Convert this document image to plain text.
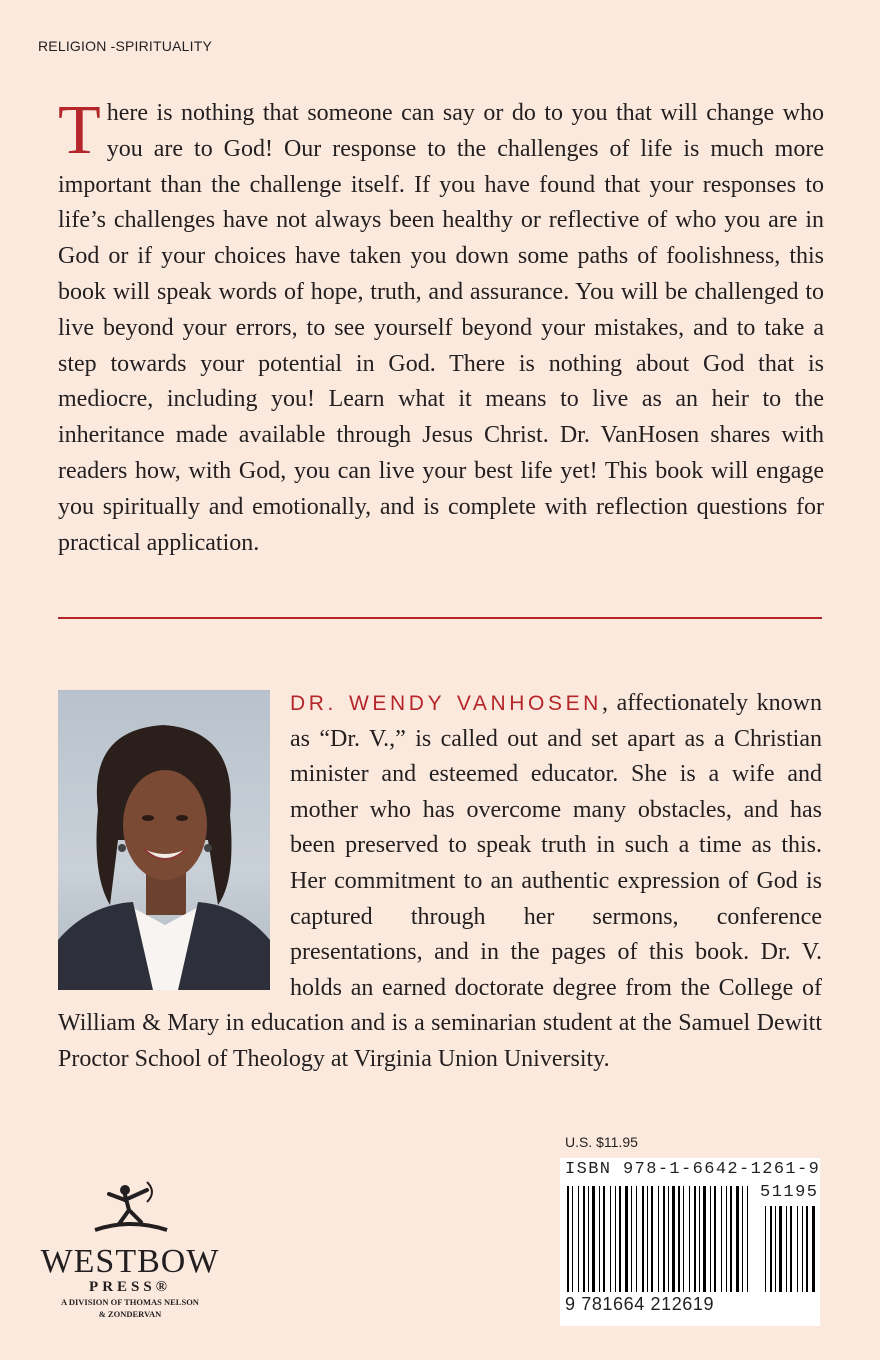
RELIGION -SPIRITUALITY

There is nothing that someone can say or do to you that will change who you are to God! Our response to the challenges of life is much more important than the challenge itself. If you have found that your responses to life’s challenges have not always been healthy or reflective of who you are in God or if your choices have taken you down some paths of foolishness, this book will speak words of hope, truth, and assurance. You will be challenged to live beyond your errors, to see yourself beyond your mistakes, and to take a step towards your potential in God. There is nothing about God that is mediocre, including you! Learn what it means to live as an heir to the inheritance made available through Jesus Christ. Dr. VanHosen shares with readers how, with God, you can live your best life yet! This book will engage you spiritually and emotionally, and is complete with reflection questions for practical application.

DR. WENDY VANHOSEN, affectionately known as “Dr. V.,” is called out and set apart as a Christian minister and esteemed educator. She is a wife and mother who has overcome many obstacles, and has been preserved to speak truth in such a time as this. Her commitment to an authentic expression of God is captured through her sermons, conference presentations, and in the pages of this book. Dr. V. holds an earned doctorate degree from the College of William & Mary in education and is a seminarian student at the Samuel Dewitt Proctor School of Theology at Virginia Union University.

WESTBOW
PRESS®
A DIVISION OF THOMAS NELSON
& ZONDERVAN
U.S. $11.95
ISBN 978-1-6642-1261-9
51195
9 781664 212619
